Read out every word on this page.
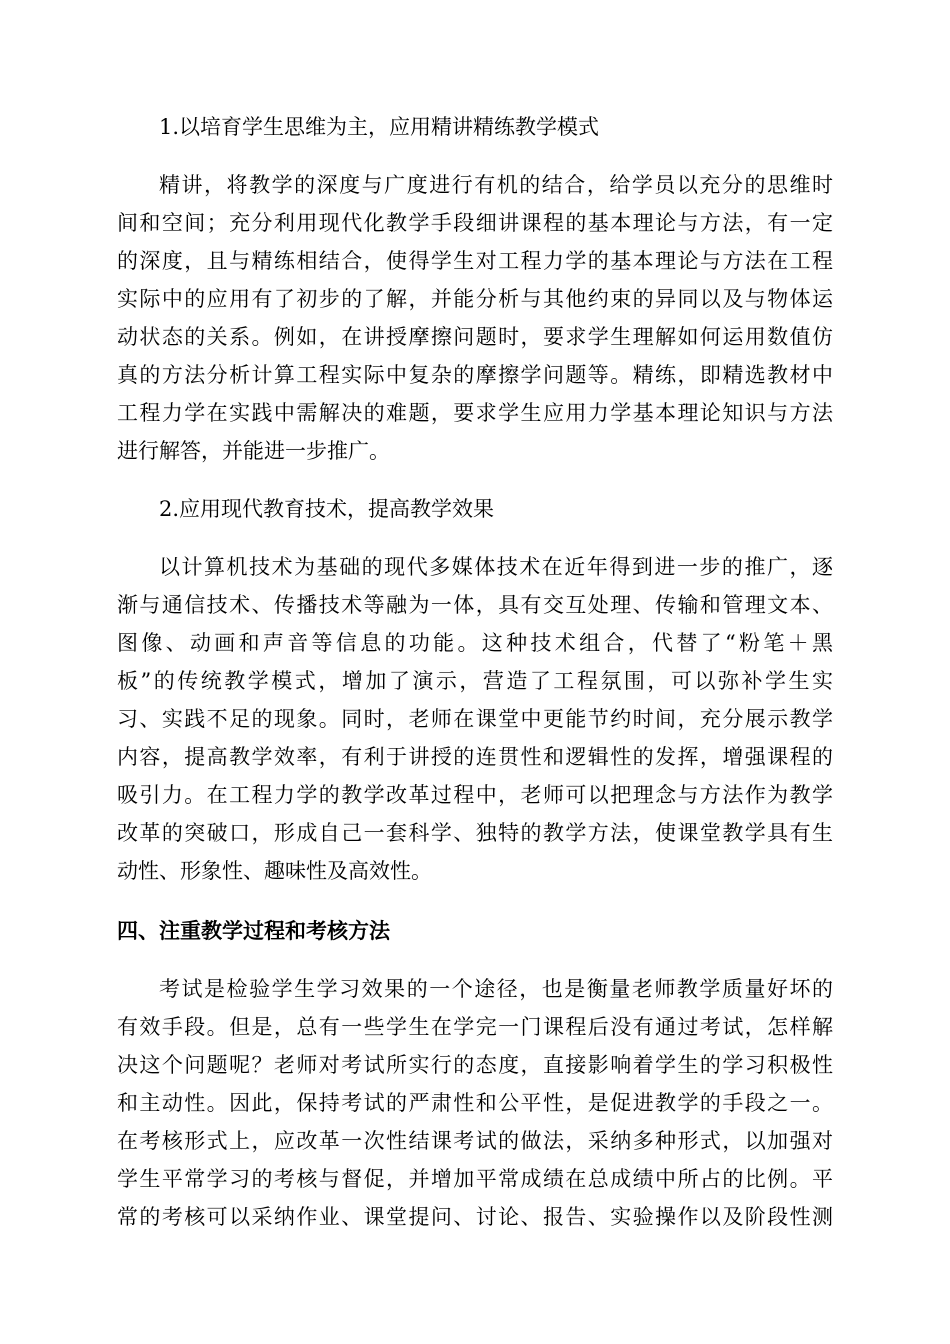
1.以培育学生思维为主，应用精讲精练教学模式
精讲，将教学的深度与广度进行有机的结合，给学员以充分的思维时
间和空间；充分利用现代化教学手段细讲课程的基本理论与方法，有一定
的深度，且与精练相结合，使得学生对工程力学的基本理论与方法在工程
实际中的应用有了初步的了解，并能分析与其他约束的异同以及与物体运
动状态的关系。例如，在讲授摩擦问题时，要求学生理解如何运用数值仿
真的方法分析计算工程实际中复杂的摩擦学问题等。精练，即精选教材中
工程力学在实践中需解决的难题，要求学生应用力学基本理论知识与方法
进行解答，并能进一步推广。
2.应用现代教育技术，提高教学效果
以计算机技术为基础的现代多媒体技术在近年得到进一步的推广，逐
渐与通信技术、传播技术等融为一体，具有交互处理、传输和管理文本、
图像、动画和声音等信息的功能。这种技术组合，代替了“粉笔＋黑
板”的传统教学模式，增加了演示，营造了工程氛围，可以弥补学生实
习、实践不足的现象。同时，老师在课堂中更能节约时间，充分展示教学
内容，提高教学效率，有利于讲授的连贯性和逻辑性的发挥，增强课程的
吸引力。在工程力学的教学改革过程中，老师可以把理念与方法作为教学
改革的突破口，形成自己一套科学、独特的教学方法，使课堂教学具有生
动性、形象性、趣味性及高效性。
四、注重教学过程和考核方法
考试是检验学生学习效果的一个途径，也是衡量老师教学质量好坏的
有效手段。但是，总有一些学生在学完一门课程后没有通过考试，怎样解
决这个问题呢？老师对考试所实行的态度，直接影响着学生的学习积极性
和主动性。因此，保持考试的严肃性和公平性，是促进教学的手段之一。
在考核形式上，应改革一次性结课考试的做法，采纳多种形式，以加强对
学生平常学习的考核与督促，并增加平常成绩在总成绩中所占的比例。平
常的考核可以采纳作业、课堂提问、讨论、报告、实验操作以及阶段性测
